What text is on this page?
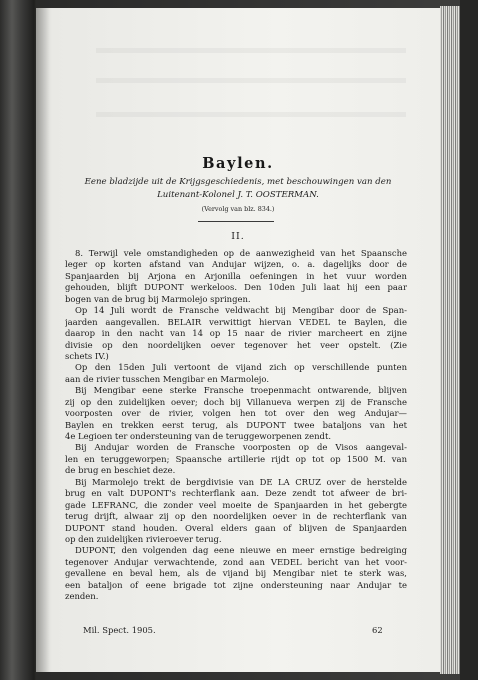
Baylen.
Eene bladzijde uit de Krijgsgeschiedenis, met beschouwingen van den
Luitenant-Kolonel J. T. OOSTERMAN.
(Vervolg van blz. 834.)
II.
8. Terwijl vele omstandigheden op de aanwezigheid van het Spaansche
leger op korten afstand van Andujar wijzen, o. a. dagelijks door de
Spanjaarden bij Arjona en Arjonilla oefeningen in het vuur worden
gehouden, blijft DUPONT werkeloos. Den 10den Juli laat hij een paar
bogen van de brug bij Marmolejo springen.
Op 14 Juli wordt de Fransche veldwacht bij Mengibar door de Span-
jaarden aangevallen. BELAIR verwittigt hiervan VEDEL te Baylen, die
daarop in den nacht van 14 op 15 naar de rivier marcheert en zijne
divisie op den noordelijken oever tegenover het veer opstelt. (Zie
schets IV.)
Op den 15den Juli vertoont de vijand zich op verschillende punten
aan de rivier tusschen Mengibar en Marmolejo.
Bij Mengibar eene sterke Fransche troepenmacht ontwarende, blijven
zij op den zuidelijken oever; doch bij Villanueva werpen zij de Fransche
voorposten over de rivier, volgen hen tot over den weg Andujar—
Baylen en trekken eerst terug, als DUPONT twee bataljons van het
4e Legioen ter ondersteuning van de teruggeworpenen zendt.
Bij Andujar worden de Fransche voorposten op de Visos aangeval-
len en teruggeworpen; Spaansche artillerie rijdt op tot op 1500 M. van
de brug en beschiet deze.
Bij Marmolejo trekt de bergdivisie van DE LA CRUZ over de herstelde
brug en valt DUPONT's rechterflank aan. Deze zendt tot afweer de bri-
gade LEFRANC, die zonder veel moeite de Spanjaarden in het gebergte
terug drijft, alwaar zij op den noordelijken oever in de rechterflank van
DUPONT stand houden. Overal elders gaan of blijven de Spanjaarden
op den zuidelijken rivieroever terug.
DUPONT, den volgenden dag eene nieuwe en meer ernstige bedreiging
tegenover Andujar verwachtende, zond aan VEDEL bericht van het voor-
gevallene en beval hem, als de vijand bij Mengibar niet te sterk was,
een bataljon of eene brigade tot zijne ondersteuning naar Andujar te
zenden.
Mil. Spect. 1905.	62
